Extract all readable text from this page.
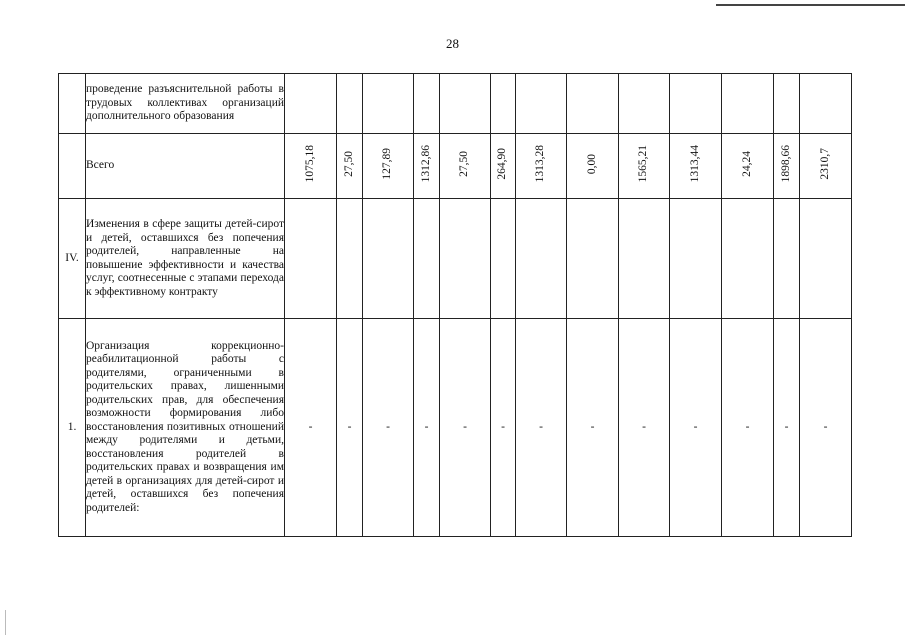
28

	проведение разъяснительной работы в трудовых коллективах организаций дополнительного образования													

	Всего	1075,18	27,50	127,89	1312,86	27,50	264,90	1313,28	0,00	1565,21	1313,44	24,24	1898,66	2310,7
IV.	Изменения в сфере защиты детей-сирот и детей, оставшихся без попечения родителей, направленные на повышение эффективности и качества услуг, соотнесенные с этапами перехода к эффективному контракту													

1.	Организация коррекционно-реабилитационной работы с родителями, ограниченными в родительских правах, лишенными родительских прав, для обеспечения возможности формирования либо восстановления позитивных отношений между родителями и детьми, восстановления родителей в родительских правах и возвращения им детей в организациях для детей-сирот и детей, оставшихся без попечения родителей:	-	-	-	-	-	-	-	-	-	-	-	-	-
